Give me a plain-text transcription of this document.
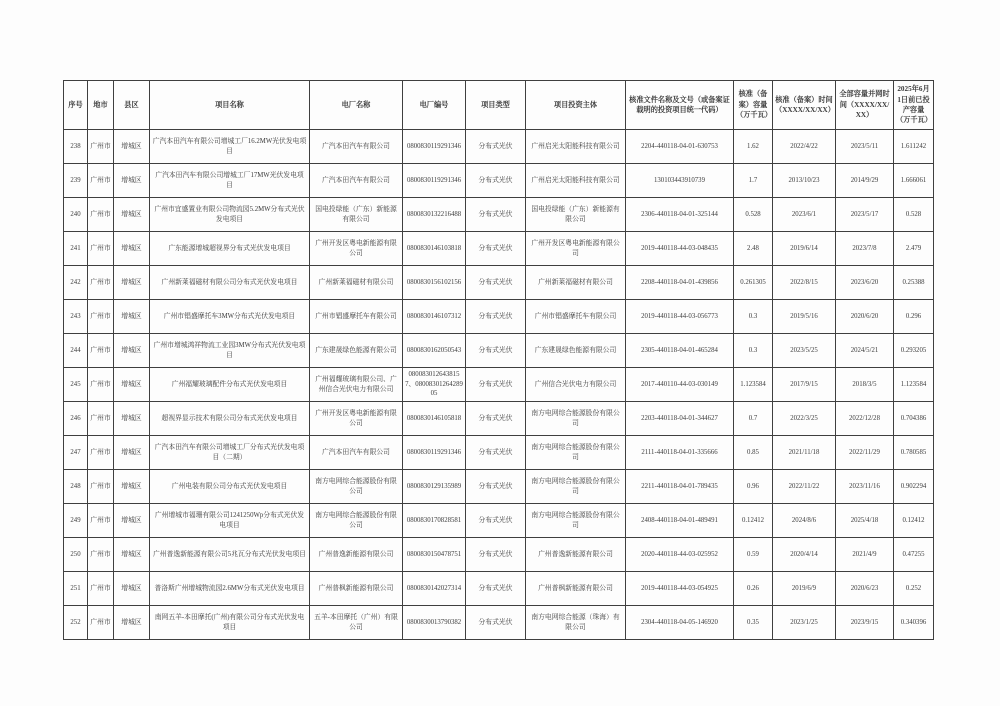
序号	地市	县区	项目名称	电厂名称	电厂编号	项目类型	项目投资主体	核准文件名称及文号（或备案证载明的投资项目统一代码）	核准（备案）容量（万千瓦）	核准（备案）时间（XXXX/XX/XX）	全部容量并网时间（XXXX/XX/XX）	2025年6月1日前已投产容量（万千瓦）
238	广州市	增城区	广汽本田汽车有限公司增城工厂16.2MW光伏发电项目	广汽本田汽车有限公司	0800830119291346	分布式光伏	广州启光太阳能科技有限公司	2204-440118-04-01-630753	1.62	2022/4/22	2023/5/11	1.611242
239	广州市	增城区	广汽本田汽车有限公司增城工厂17MW光伏发电项目	广汽本田汽车有限公司	0800830119291346	分布式光伏	广州启光太阳能科技有限公司	130103443910739	1.7	2013/10/23	2014/9/29	1.666061
240	广州市	增城区	广州市宜盛置业有限公司物流园5.2MW分布式光伏发电项目	国电投绿能（广东）新能源有限公司	0800830132216488	分布式光伏	国电投绿能（广东）新能源有限公司	2306-440118-04-01-325144	0.528	2023/6/1	2023/5/17	0.528
241	广州市	增城区	广东能源增城超视界分布式光伏发电项目	广州开发区粤电新能源有限公司	0800830146103818	分布式光伏	广州开发区粤电新能源有限公司	2019-440118-44-03-048435	2.48	2019/6/14	2023/7/8	2.479
242	广州市	增城区	广州新莱福磁材有限公司分布式光伏发电项目	广州新莱福磁材有限公司	0800830156102156	分布式光伏	广州新莱福磁材有限公司	2208-440118-04-01-439856	0.261305	2022/8/15	2023/6/20	0.25388
243	广州市	增城区	广州市锠盛摩托车3MW分布式光伏发电项目	广州市锠盛摩托车有限公司	0800830146107312	分布式光伏	广州市锠盛摩托车有限公司	2019-440118-44-03-056773	0.3	2019/5/16	2020/6/20	0.296
244	广州市	增城区	广州市增城鸿祥物流工业园3MW分布式光伏发电项目	广东建晟绿色能源有限公司	0800830162050543	分布式光伏	广东建晟绿色能源有限公司	2305-440118-04-01-465284	0.3	2023/5/25	2024/5/21	0.293205
245	广州市	增城区	广州福耀玻璃配件分布式光伏发电项目	广州福耀玻璃有限公司、广州信合光伏电力有限公司	0800830126438157、0800830126428905	分布式光伏	广州信合光伏电力有限公司	2017-440110-44-03-030149	1.123584	2017/9/15	2018/3/5	1.123584
246	广州市	增城区	超视界显示技术有限公司分布式光伏发电项目	广州开发区粤电新能源有限公司	0800830146105818	分布式光伏	南方电网综合能源股份有限公司	2203-440118-04-01-344627	0.7	2022/3/25	2022/12/28	0.704386
247	广州市	增城区	广汽本田汽车有限公司增城工厂分布式光伏发电项目（二期）	广汽本田汽车有限公司	0800830119291346	分布式光伏	南方电网综合能源股份有限公司	2111-440118-04-01-335666	0.85	2021/11/18	2022/11/29	0.780585
248	广州市	增城区	广州电装有限公司分布式光伏发电项目	南方电网综合能源股份有限公司	0800830129135989	分布式光伏	南方电网综合能源股份有限公司	2211-440118-04-01-789435	0.96	2022/11/22	2023/11/16	0.902294
249	广州市	增城区	广州增城市福珊有限公司1241250Wp分布式光伏发电项目	南方电网综合能源股份有限公司	0800830170828581	分布式光伏	南方电网综合能源股份有限公司	2408-440118-04-01-489491	0.12412	2024/8/6	2025/4/18	0.12412
250	广州市	增城区	广州普逸新能源有限公司5兆瓦分布式光伏发电项目	广州普逸新能源有限公司	0800830150478751	分布式光伏	广州普逸新能源有限公司	2020-440118-44-03-025952	0.59	2020/4/14	2021/4/9	0.47255
251	广州市	增城区	普洛斯广州增城物流园2.6MW分布式光伏发电项目	广州普枫新能源有限公司	0800830142027314	分布式光伏	广州普枫新能源有限公司	2019-440118-44-03-054925	0.26	2019/6/9	2020/6/23	0.252
252	广州市	增城区	南网五羊-本田摩托(广州)有限公司分布式光伏发电项目	五羊-本田摩托（广州）有限公司	0800830013790382	分布式光伏	南方电网综合能源（珠海）有限公司	2304-440118-04-05-146920	0.35	2023/1/25	2023/9/15	0.340396
